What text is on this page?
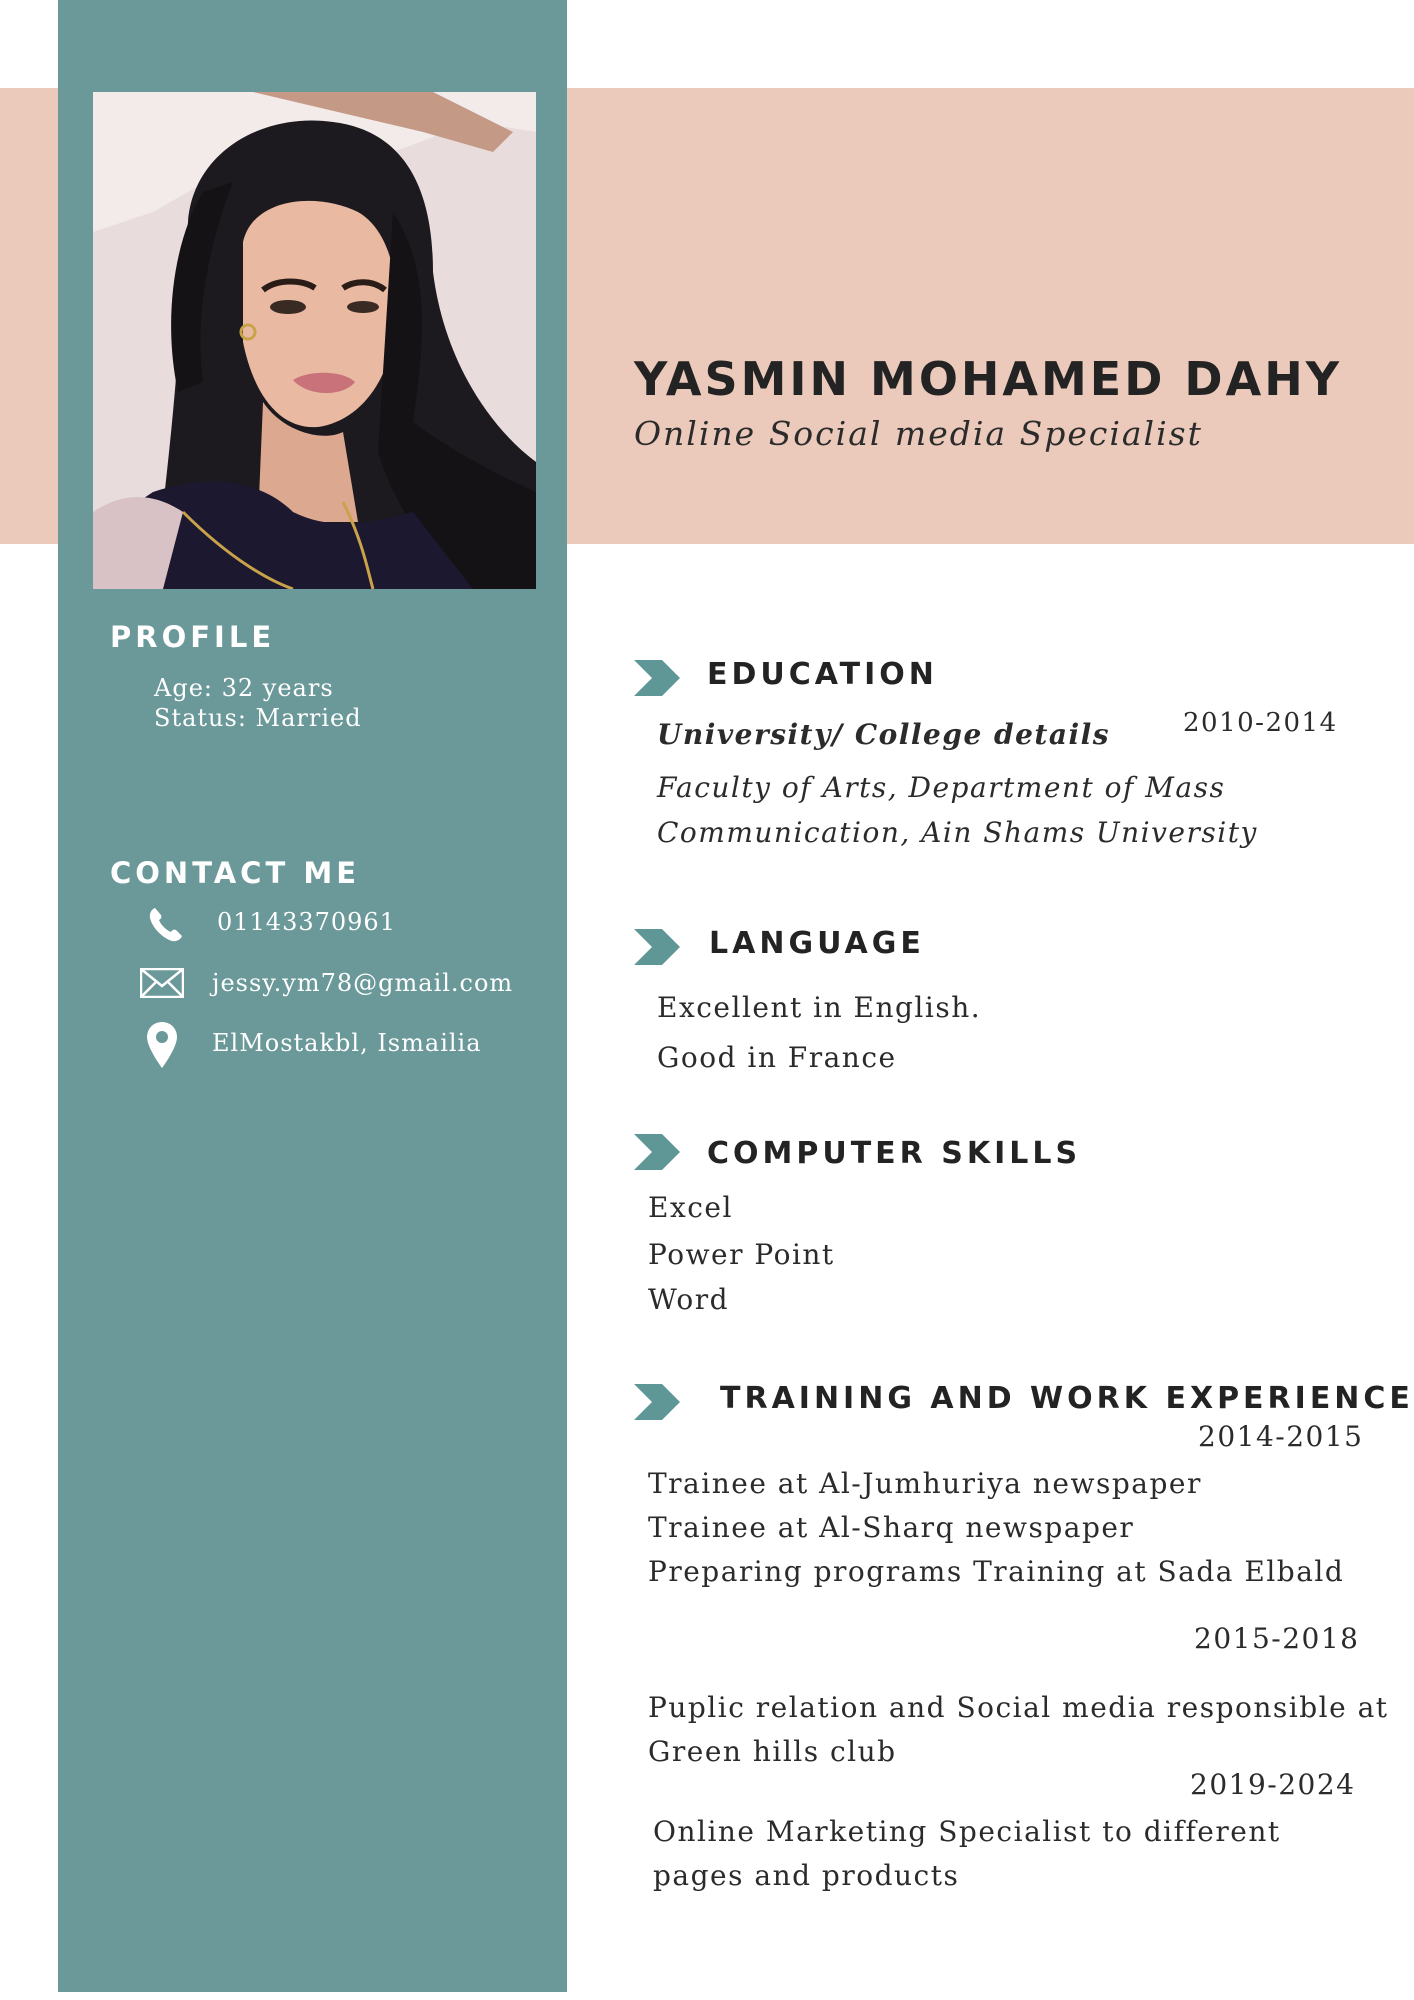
YASMIN MOHAMED DAHY
Online Social media Specialist
PROFILE
Age: 32 years
Status: Married
CONTACT ME
01143370961
jessy.ym78@gmail.com
ElMostakbl, Ismailia
EDUCATION
University/ College details	2010-2014
Faculty of Arts, Department of Mass
Communication, Ain Shams University
LANGUAGE
Excellent in English.
Good in France
COMPUTER SKILLS
Excel
Power Point
Word
TRAINING AND WORK EXPERIENCE
2014-2015
Trainee at Al-Jumhuriya newspaper
Trainee at Al-Sharq newspaper
Preparing programs Training at Sada Elbald
2015-2018
Puplic relation and Social media responsible at
Green hills club
2019-2024
Online Marketing Specialist to different
pages and products
